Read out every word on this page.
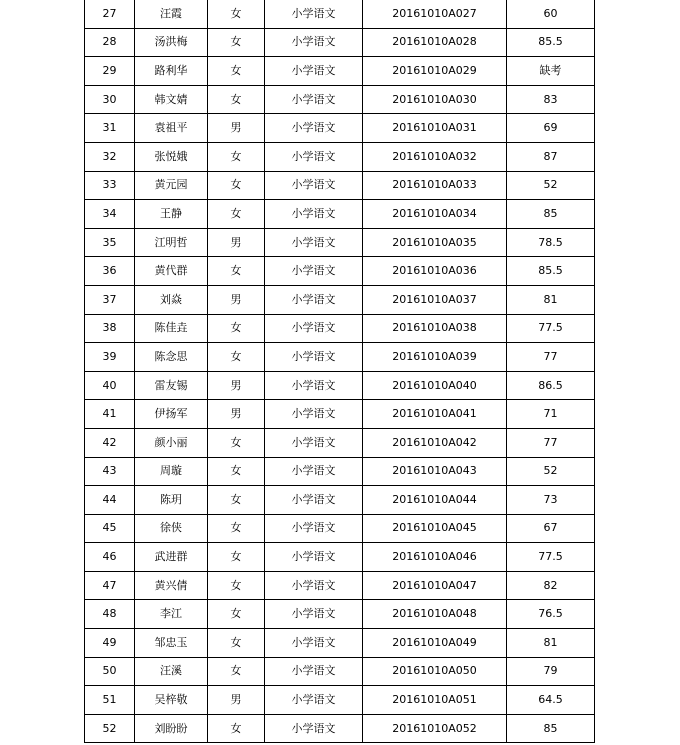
27	汪霞	女	小学语文	20161010A027	60
28	汤洪梅	女	小学语文	20161010A028	85.5
29	路利华	女	小学语文	20161010A029	缺考
30	韩文婧	女	小学语文	20161010A030	83
31	袁祖平	男	小学语文	20161010A031	69
32	张悦娥	女	小学语文	20161010A032	87
33	黄元园	女	小学语文	20161010A033	52
34	王静	女	小学语文	20161010A034	85
35	江明哲	男	小学语文	20161010A035	78.5
36	黄代群	女	小学语文	20161010A036	85.5
37	刘焱	男	小学语文	20161010A037	81
38	陈佳垚	女	小学语文	20161010A038	77.5
39	陈念思	女	小学语文	20161010A039	77
40	雷友锡	男	小学语文	20161010A040	86.5
41	伊扬军	男	小学语文	20161010A041	71
42	颜小丽	女	小学语文	20161010A042	77
43	周璇	女	小学语文	20161010A043	52
44	陈玥	女	小学语文	20161010A044	73
45	徐侠	女	小学语文	20161010A045	67
46	武进群	女	小学语文	20161010A046	77.5
47	黄兴倩	女	小学语文	20161010A047	82
48	李江	女	小学语文	20161010A048	76.5
49	邹忠玉	女	小学语文	20161010A049	81
50	汪溪	女	小学语文	20161010A050	79
51	吴梓敬	男	小学语文	20161010A051	64.5
52	刘盼盼	女	小学语文	20161010A052	85
